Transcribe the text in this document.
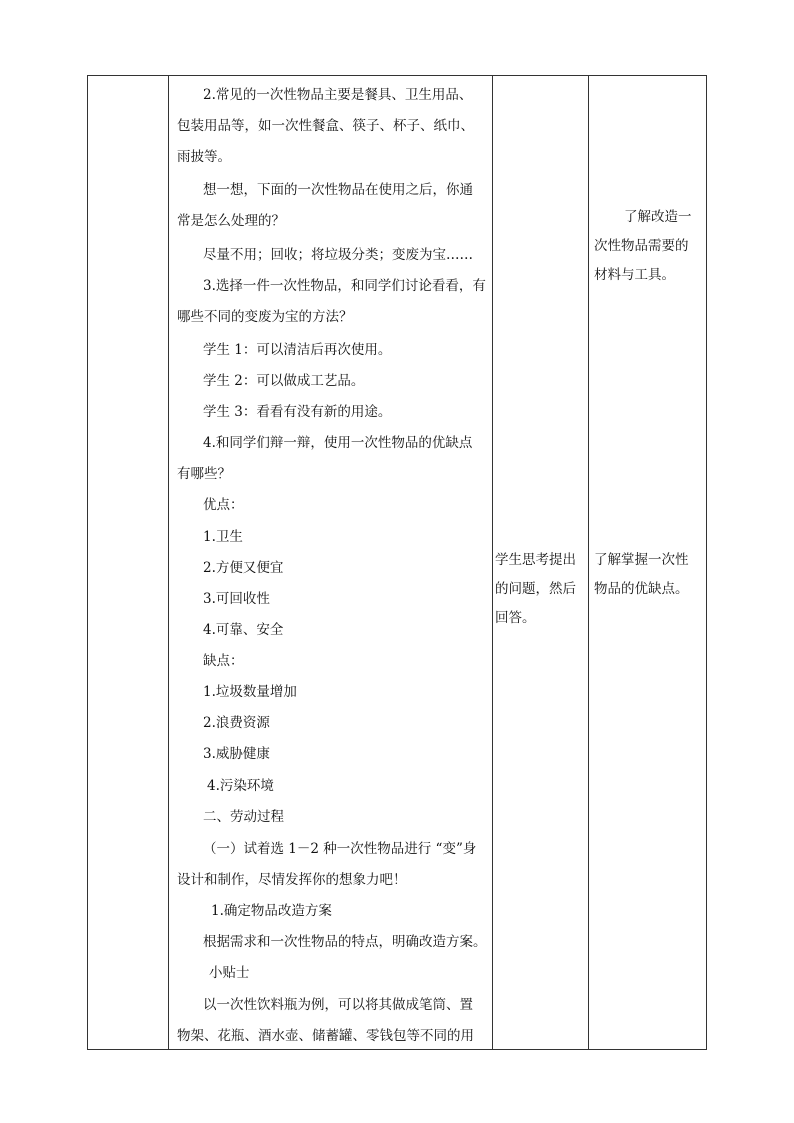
2.常见的一次性物品主要是餐具、卫生用品、
包装用品等，如一次性餐盒、筷子、杯子、纸巾、
雨披等。
想一想，下面的一次性物品在使用之后，你通
常是怎么处理的？
尽量不用；回收；将垃圾分类；变废为宝……
3.选择一件一次性物品，和同学们讨论看看，有
哪些不同的变废为宝的方法？
学生 1：可以清洁后再次使用。
学生 2：可以做成工艺品。
学生 3：看看有没有新的用途。
4.和同学们辩一辩，使用一次性物品的优缺点
有哪些？
优点：
1.卫生
2.方便又便宜
3.可回收性
4.可靠、安全
缺点：
1.垃圾数量增加
2.浪费资源
3.威胁健康
4.污染环境
二、劳动过程
（一）试着选 1－2 种一次性物品进行 “变”身
设计和制作，尽情发挥你的想象力吧！
1.确定物品改造方案
根据需求和一次性物品的特点，明确改造方案。
小贴士
以一次性饮料瓶为例，可以将其做成笔筒、置
物架、花瓶、酒水壶、储蓄罐、零钱包等不同的用
学生思考提出
的问题，然后
回答。
了解改造一
次性物品需要的
材料与工具。
了解掌握一次性
物品的优缺点。
